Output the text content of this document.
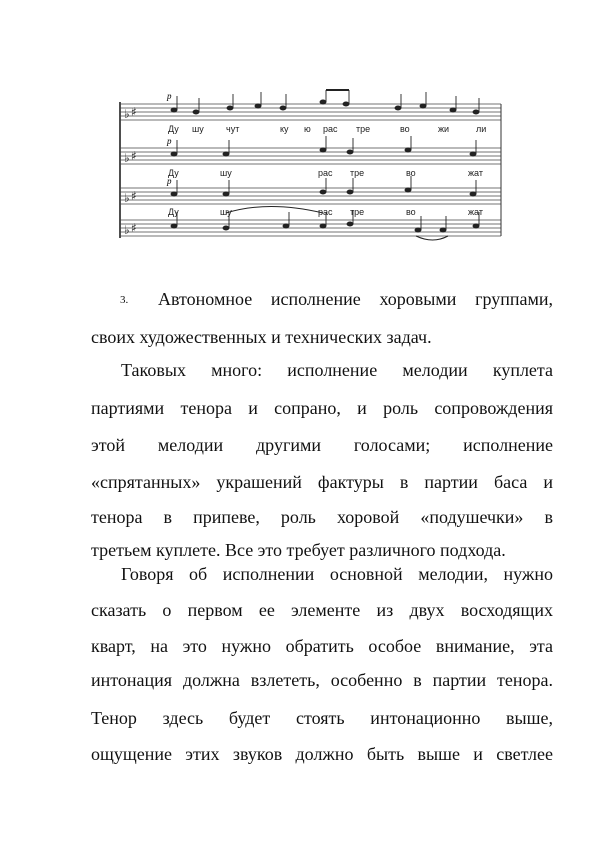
♭ ♯
♭ ♯
♭ ♯
♭ ♯
p
p
p
Ду шу чут	ку ю рас тре	во	жи	ли
Ду	шу	рас тре	во	жат
Ду	шу	рас тре	во	жат
3. Автономное исполнение хоровыми группами,
своих художественных и технических задач.
Таковых много: исполнение мелодии куплета
партиями тенора и сопрано, и роль сопровождения
этой мелодии другими голосами; исполнение
«спрятанных» украшений фактуры в партии баса и
тенора в припеве, роль хоровой «подушечки» в
третьем куплете. Все это требует различного подхода.
Говоря об исполнении основной мелодии, нужно
сказать о первом ее элементе из двух восходящих
кварт, на это нужно обратить особое внимание, эта
интонация должна взлететь, особенно в партии тенора.
Тенор здесь будет стоять интонационно выше,
ощущение этих звуков должно быть выше и светлее
